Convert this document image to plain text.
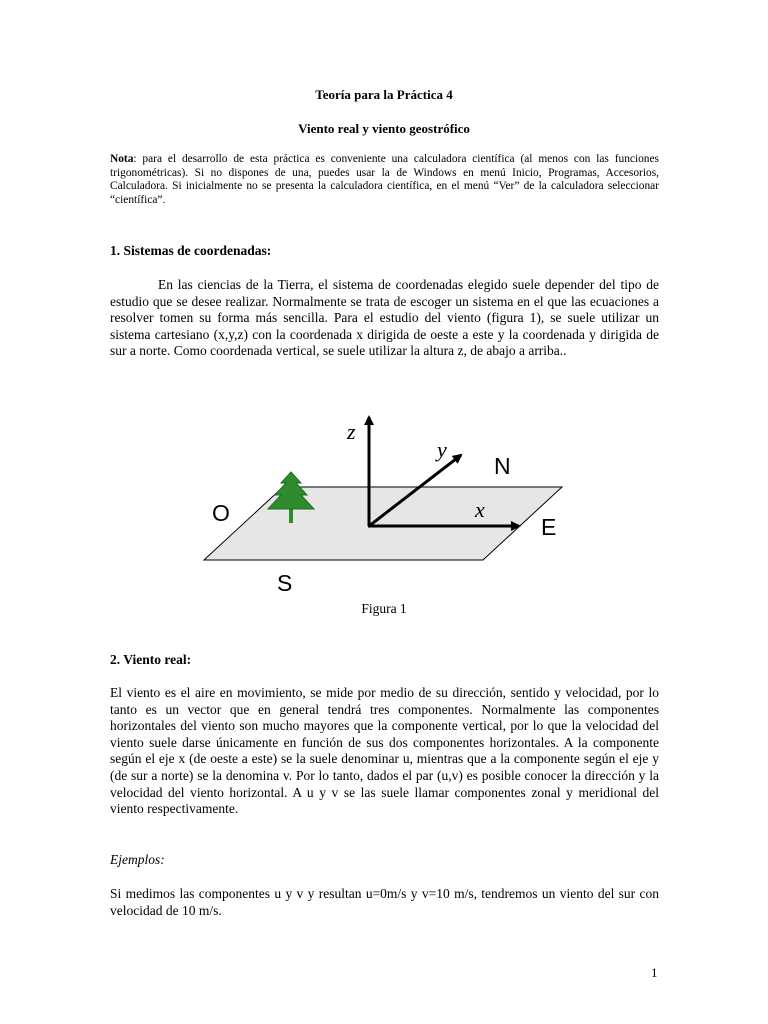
Teoría para la Práctica 4
Viento real y viento geostrófico
Nota: para el desarrollo de esta práctica es conveniente una calculadora científica (al menos con las funciones trigonométricas). Si no dispones de una, puedes usar la de Windows en menú Inicio, Programas, Accesorios, Calculadora. Si inicialmente no se presenta la calculadora científica, en el menú “Ver” de la calculadora seleccionar “científica”.
1. Sistemas de coordenadas:
En las ciencias de la Tierra, el sistema de coordenadas elegido suele depender del tipo de estudio que se desee realizar. Normalmente se trata de escoger un sistema en el que las ecuaciones a resolver tomen su forma más sencilla. Para el estudio del viento (figura 1), se suele utilizar un sistema cartesiano (x,y,z) con la coordenada x dirigida de oeste a este y la coordenada y dirigida de sur a norte. Como coordenada vertical, se suele utilizar la altura z, de abajo a arriba..
z
y
x
N
O
E
S
Figura 1
2. Viento real:
El viento es el aire en movimiento, se mide por medio de su dirección, sentido y velocidad, por lo tanto es un vector que en general tendrá tres componentes. Normalmente las componentes horizontales del viento son mucho mayores que la componente vertical, por lo que la velocidad del viento suele darse únicamente en función de sus dos componentes horizontales. A la componente según el eje x (de oeste a este) se la suele denominar u, mientras que a la componente según el eje y (de sur a norte) se la denomina v. Por lo tanto, dados el par (u,v) es posible conocer la dirección y la velocidad del viento horizontal. A u y v se las suele llamar componentes zonal y meridional del viento respectivamente.
Ejemplos:
Si medimos las componentes u y v y resultan u=0m/s y v=10 m/s, tendremos un viento del sur con velocidad de 10 m/s.
1
